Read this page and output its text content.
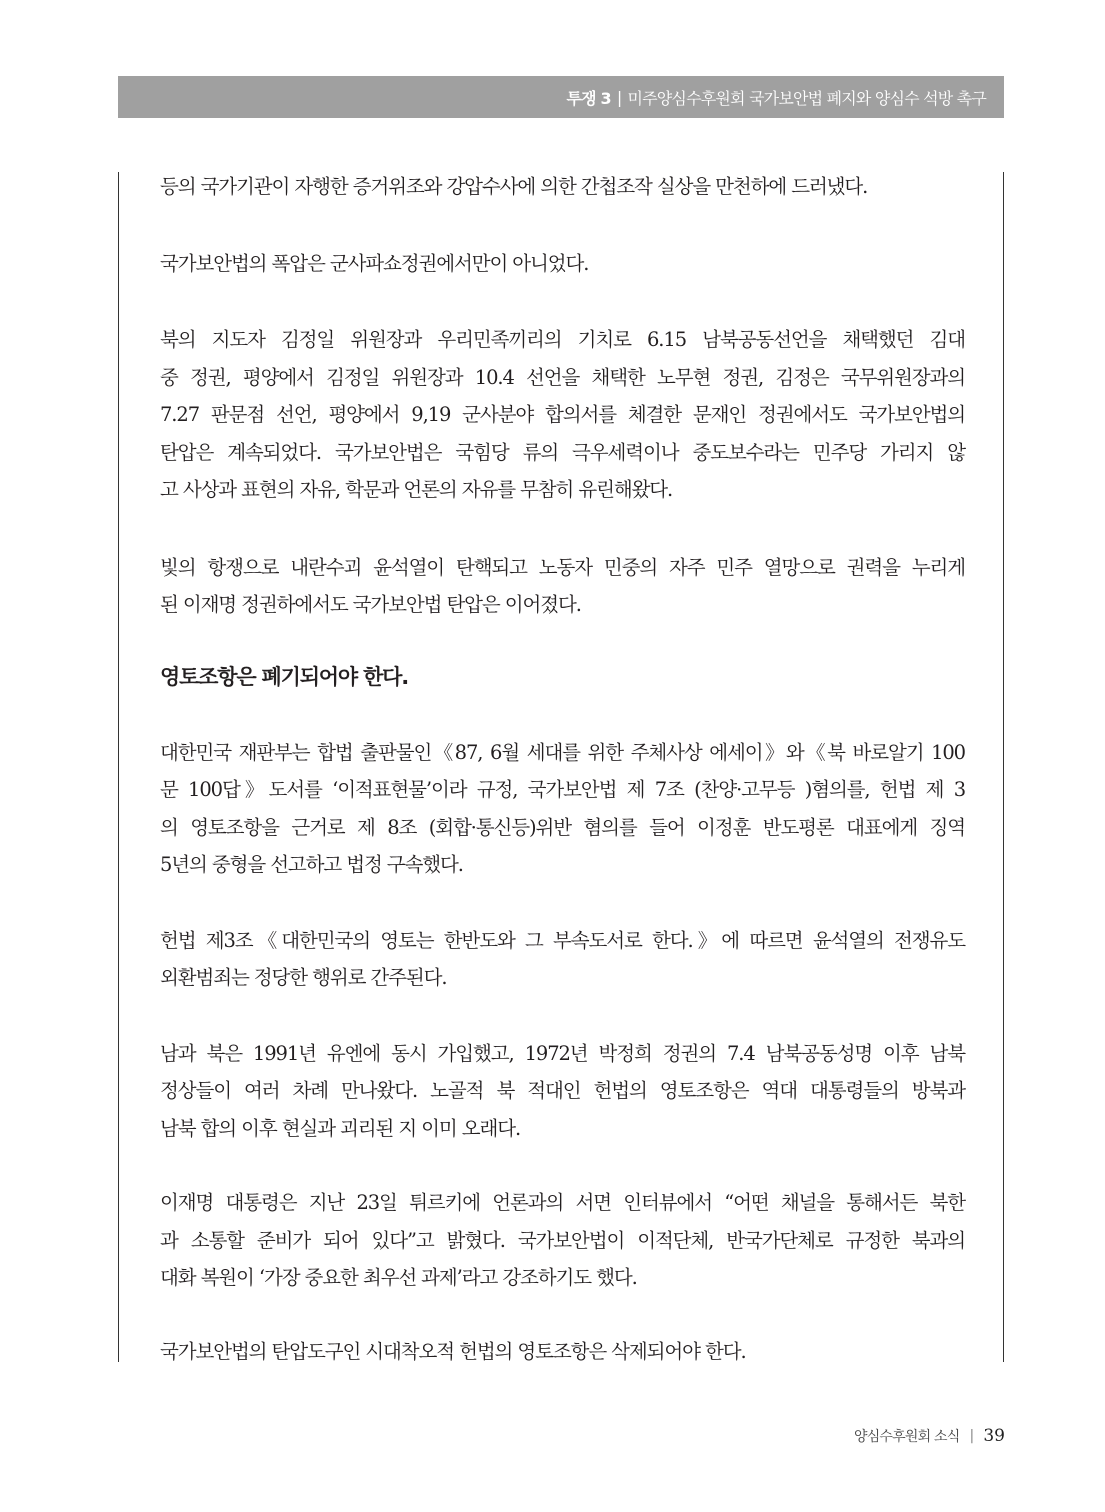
투쟁 3 | 미주양심수후원회 국가보안법 폐지와 양심수 석방 촉구

등의 국가기관이 자행한 증거위조와 강압수사에 의한 간첩조작 실상을 만천하에 드러냈다.

국가보안법의 폭압은 군사파쇼정권에서만이 아니었다.

북의 지도자 김정일 위원장과 우리민족끼리의 기치로 6.15 남북공동선언을 채택했던 김대
중 정권, 평양에서 김정일 위원장과 10.4 선언을 채택한 노무현 정권, 김정은 국무위원장과의
7.27 판문점 선언, 평양에서 9,19 군사분야 합의서를 체결한 문재인 정권에서도 국가보안법의
탄압은 계속되었다. 국가보안법은 국힘당 류의 극우세력이나 중도보수라는 민주당 가리지 않
고 사상과 표현의 자유, 학문과 언론의 자유를 무참히 유린해왔다.

빛의 항쟁으로 내란수괴 윤석열이 탄핵되고 노동자 민중의 자주 민주 열망으로 권력을 누리게
된 이재명 정권하에서도 국가보안법 탄압은 이어졌다.

영토조항은 폐기되어야 한다.

대한민국 재판부는 합법 출판물인《87, 6월 세대를 위한 주체사상 에세이》와《북 바로알기 100
문 100답》도서를 ‘이적표현물’이라 규정, 국가보안법 제 7조 (찬양·고무등 )혐의를, 헌법 제 3
의 영토조항을 근거로 제 8조 (회합·통신등)위반 혐의를 들어 이정훈 반도평론 대표에게 징역
5년의 중형을 선고하고 법정 구속했다.

헌법 제3조《대한민국의 영토는 한반도와 그 부속도서로 한다.》에 따르면 윤석열의 전쟁유도
외환범죄는 정당한 행위로 간주된다.

남과 북은 1991년 유엔에 동시 가입했고, 1972년 박정희 정권의 7.4 남북공동성명 이후 남북
정상들이 여러 차례 만나왔다. 노골적 북 적대인 헌법의 영토조항은 역대 대통령들의 방북과
남북 합의 이후 현실과 괴리된 지 이미 오래다.

이재명 대통령은 지난 23일 튀르키에 언론과의 서면 인터뷰에서 “어떤 채널을 통해서든 북한
과 소통할 준비가 되어 있다”고 밝혔다. 국가보안법이 이적단체, 반국가단체로 규정한 북과의
대화 복원이 ‘가장 중요한 최우선 과제’라고 강조하기도 했다.

국가보안법의 탄압도구인 시대착오적 헌법의 영토조항은 삭제되어야 한다.

양심수후원회 소식 | 39
